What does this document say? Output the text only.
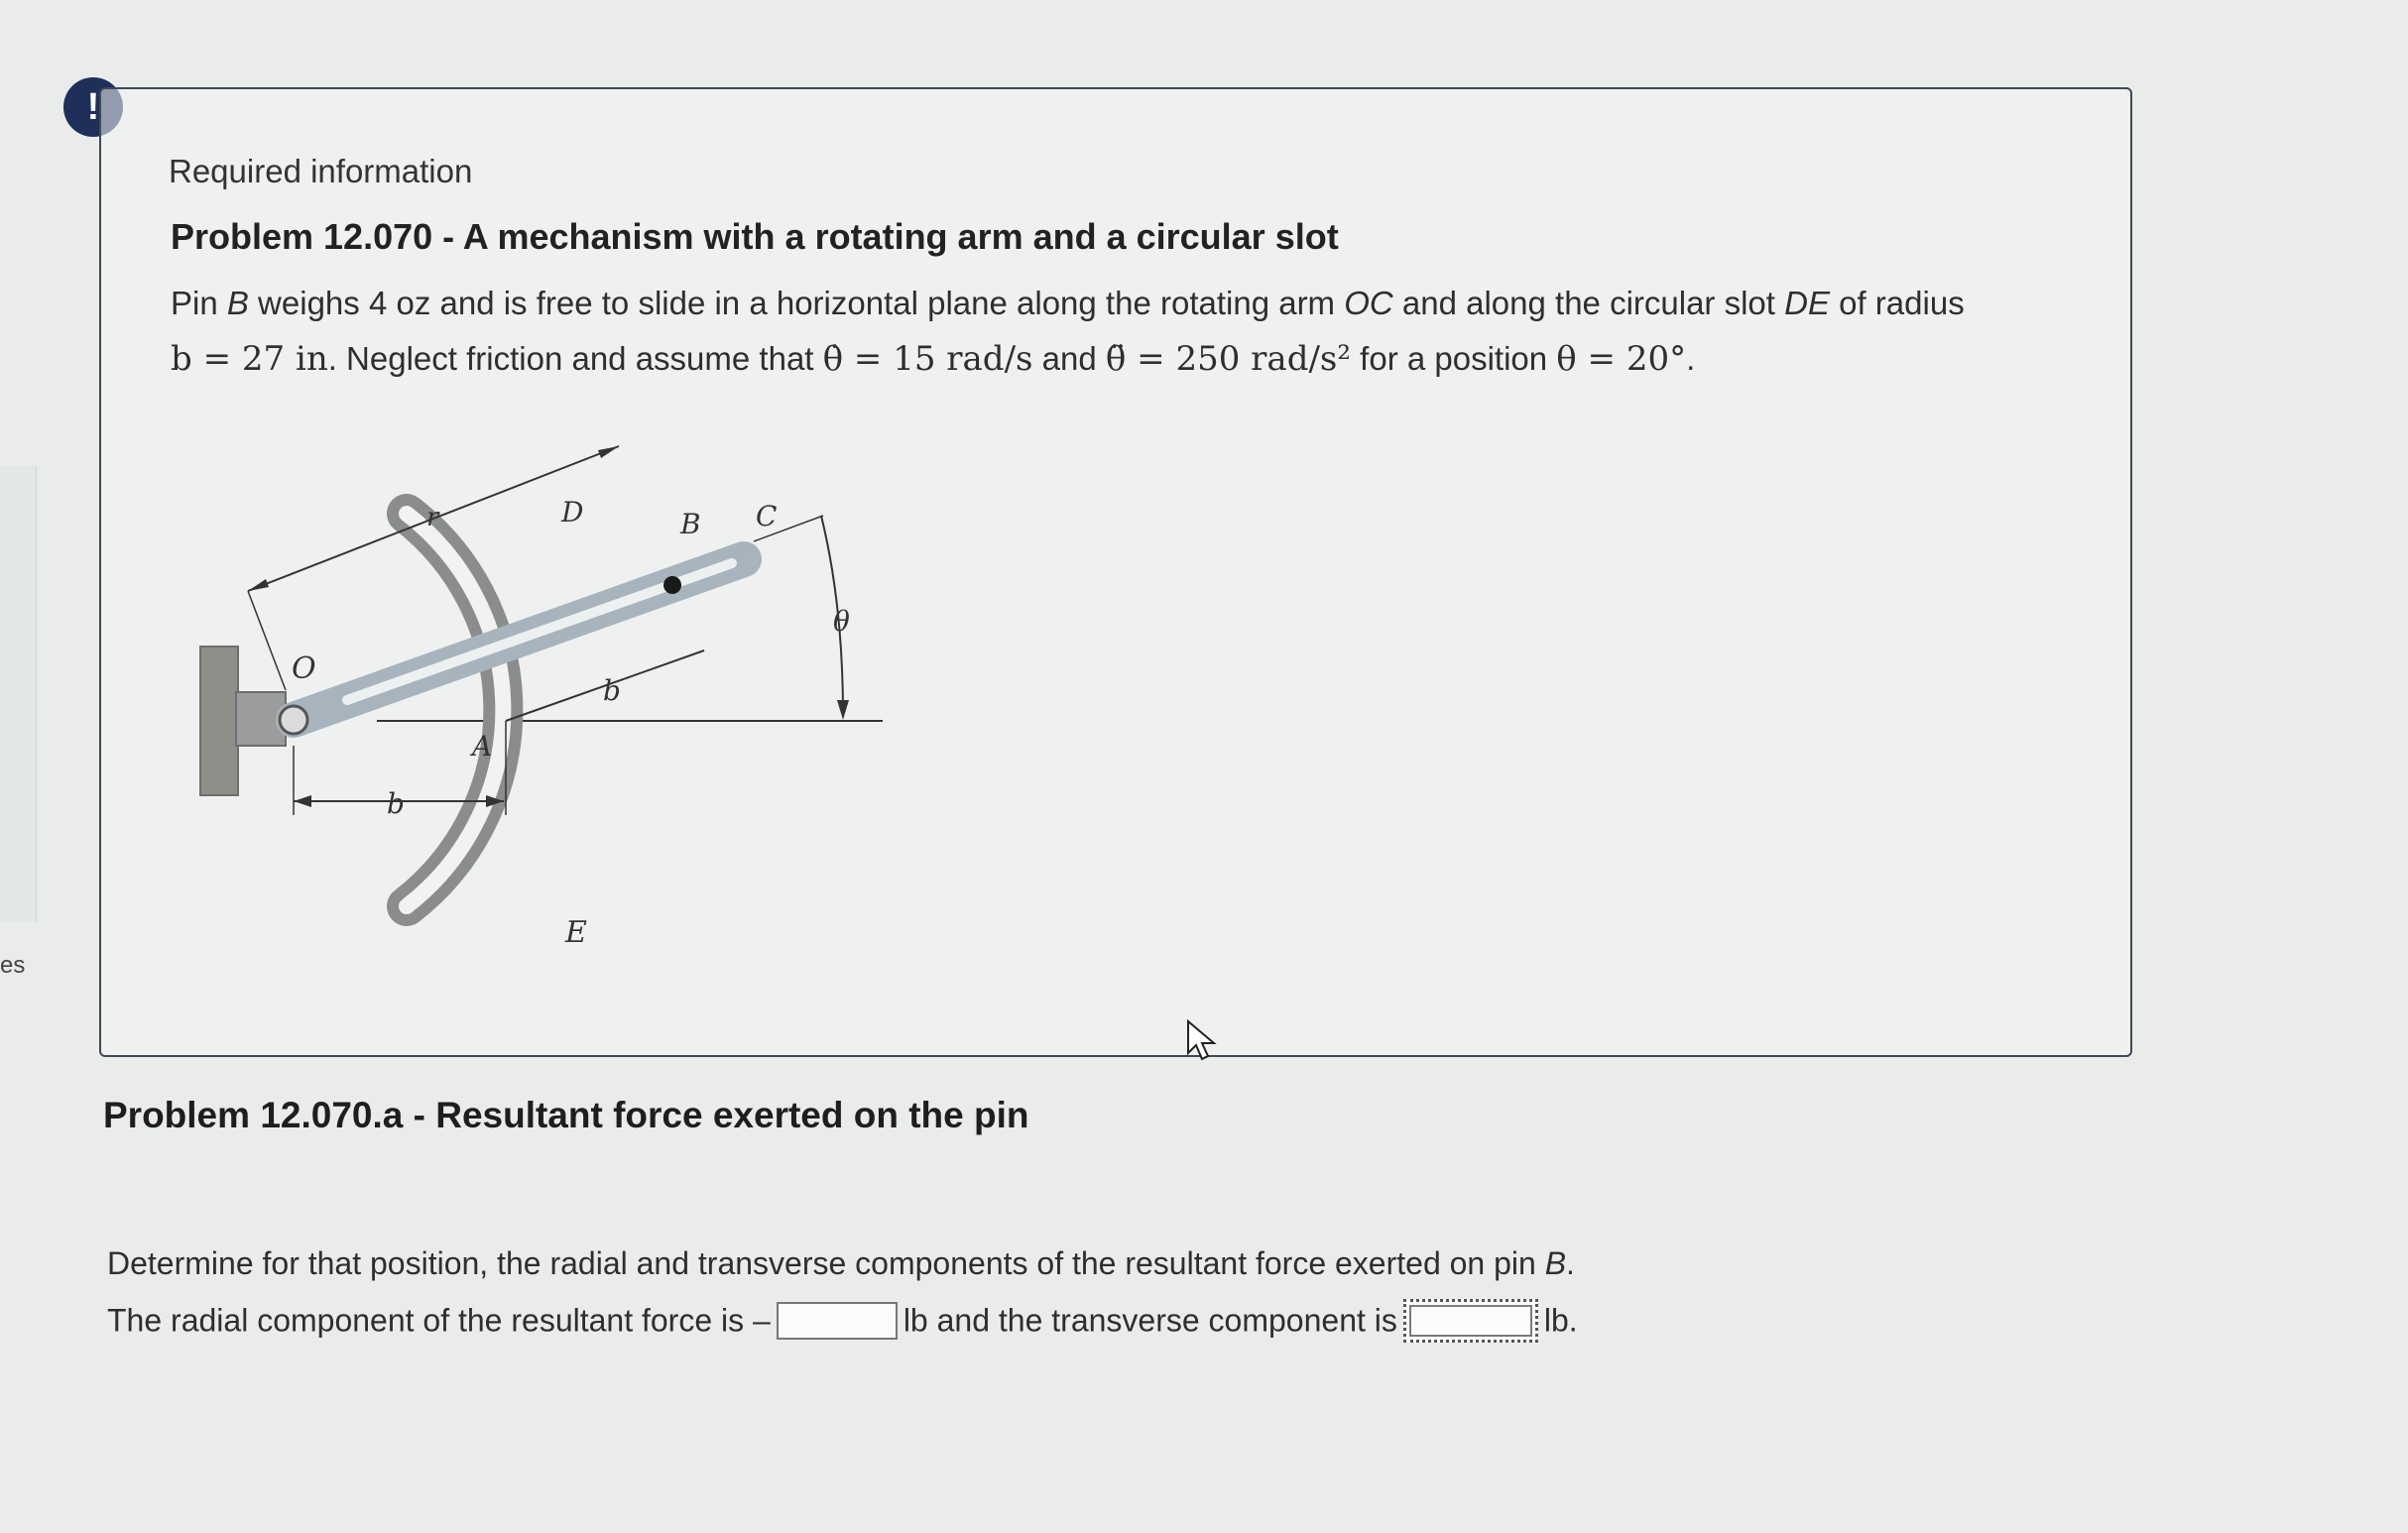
es
!
Required information
Problem 12.070 - A mechanism with a rotating arm and a circular slot
Pin B weighs 4 oz and is free to slide in a horizontal plane along the rotating arm OC and along the circular slot DE of radius b = 27 in. Neglect friction and assume that θ̇ = 15 rad/s and θ̈ = 250 rad/s² for a position θ = 20°.
r	D	B C
θ
O
b
A
b
E
Problem 12.070.a - Resultant force exerted on the pin
Determine for that position, the radial and transverse components of the resultant force exerted on pin B.
The radial component of the resultant force is –	lb and the transverse component is	lb.
